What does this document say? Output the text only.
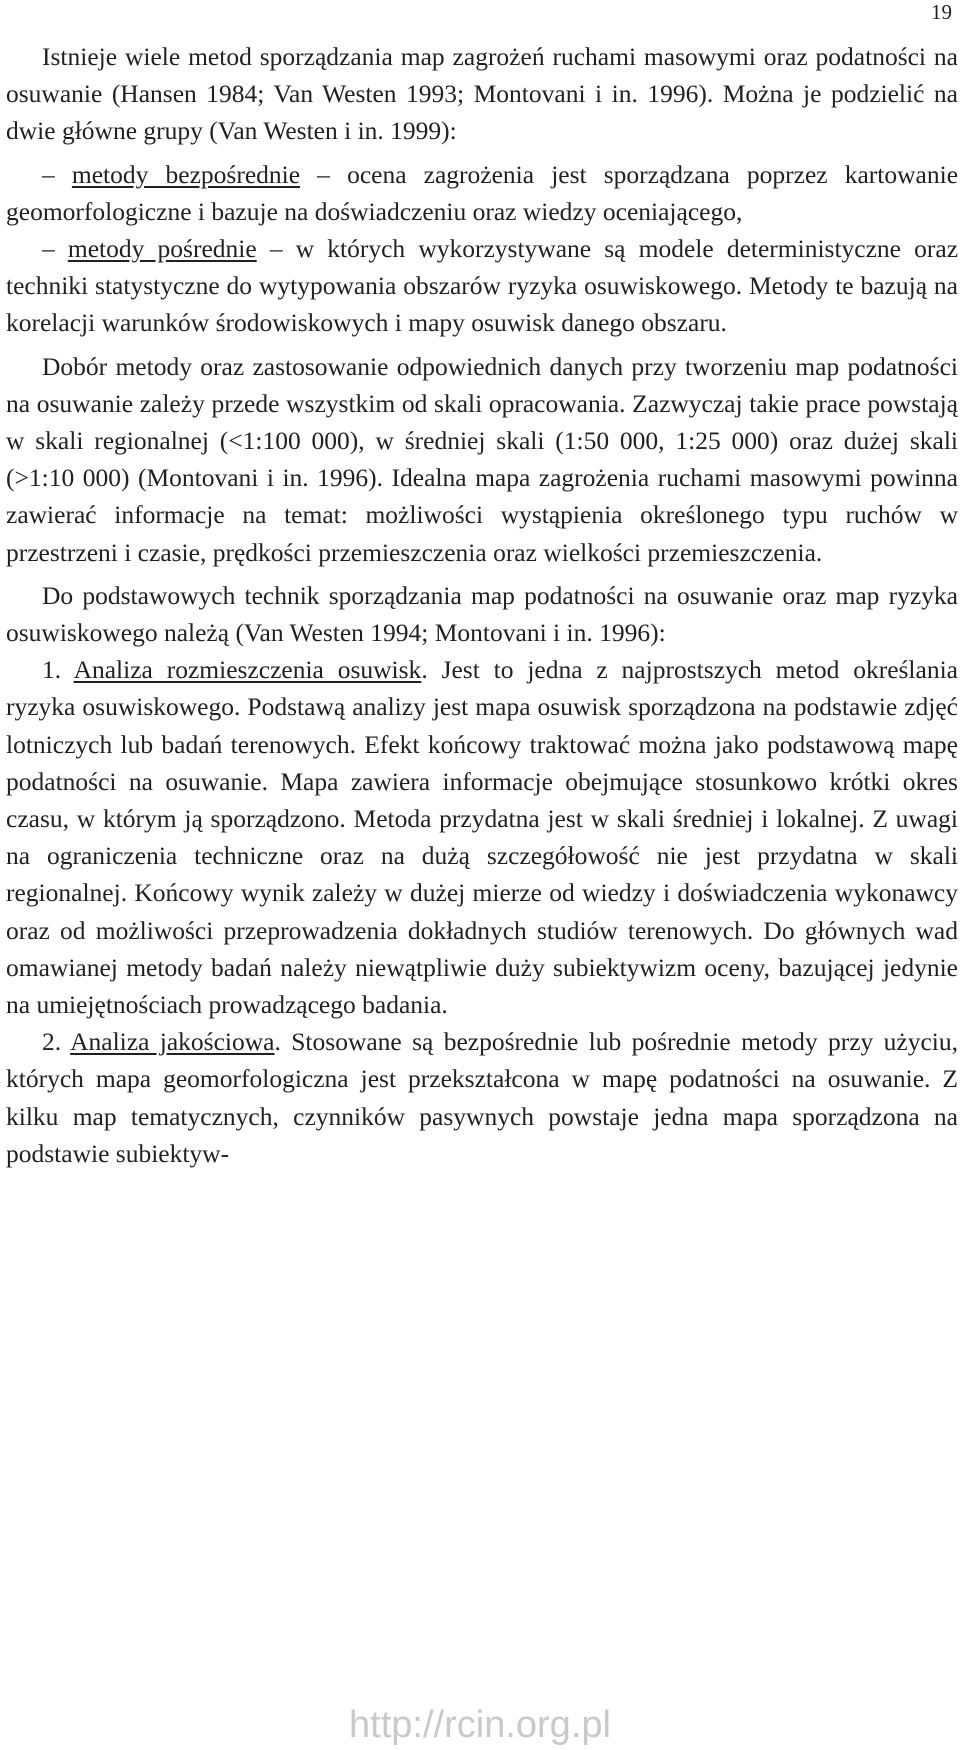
19

Istnieje wiele metod sporządzania map zagrożeń ruchami masowymi oraz podatności na osuwanie (Hansen 1984; Van Westen 1993; Montovani i in. 1996). Można je podzielić na dwie główne grupy (Van Westen i in. 1999):

– metody bezpośrednie – ocena zagrożenia jest sporządzana poprzez kartowanie geomorfologiczne i bazuje na doświadczeniu oraz wiedzy oceniającego,

– metody pośrednie – w których wykorzystywane są modele deterministyczne oraz techniki statystyczne do wytypowania obszarów ryzyka osuwiskowego. Metody te bazują na korelacji warunków środowiskowych i mapy osuwisk danego obszaru.

Dobór metody oraz zastosowanie odpowiednich danych przy tworzeniu map podatności na osuwanie zależy przede wszystkim od skali opracowania. Zazwyczaj takie prace powstają w skali regionalnej (<1:100 000), w średniej skali (1:50 000, 1:25 000) oraz dużej skali (>1:10 000) (Montovani i in. 1996). Idealna mapa zagrożenia ruchami masowymi powinna zawierać informacje na temat: możliwości wystąpienia określonego typu ruchów w przestrzeni i czasie, prędkości przemieszczenia oraz wielkości przemieszczenia.

Do podstawowych technik sporządzania map podatności na osuwanie oraz map ryzyka osuwiskowego należą (Van Westen 1994; Montovani i in. 1996):

1. Analiza rozmieszczenia osuwisk. Jest to jedna z najprostszych metod określania ryzyka osuwiskowego. Podstawą analizy jest mapa osuwisk sporządzona na podstawie zdjęć lotniczych lub badań terenowych. Efekt końcowy traktować można jako podstawową mapę podatności na osuwanie. Mapa zawiera informacje obejmujące stosunkowo krótki okres czasu, w którym ją sporządzono. Metoda przydatna jest w skali średniej i lokalnej. Z uwagi na ograniczenia techniczne oraz na dużą szczegółowość nie jest przydatna w skali regionalnej. Końcowy wynik zależy w dużej mierze od wiedzy i doświadczenia wykonawcy oraz od możliwości przeprowadzenia dokładnych studiów terenowych. Do głównych wad omawianej metody badań należy niewątpliwie duży subiektywizm oceny, bazującej jedynie na umiejętnościach prowadzącego badania.

2. Analiza jakościowa. Stosowane są bezpośrednie lub pośrednie metody przy użyciu, których mapa geomorfologiczna jest przekształcona w mapę podatności na osuwanie. Z kilku map tematycznych, czynników pasywnych powstaje jedna mapa sporządzona na podstawie subiektyw-

http://rcin.org.pl
